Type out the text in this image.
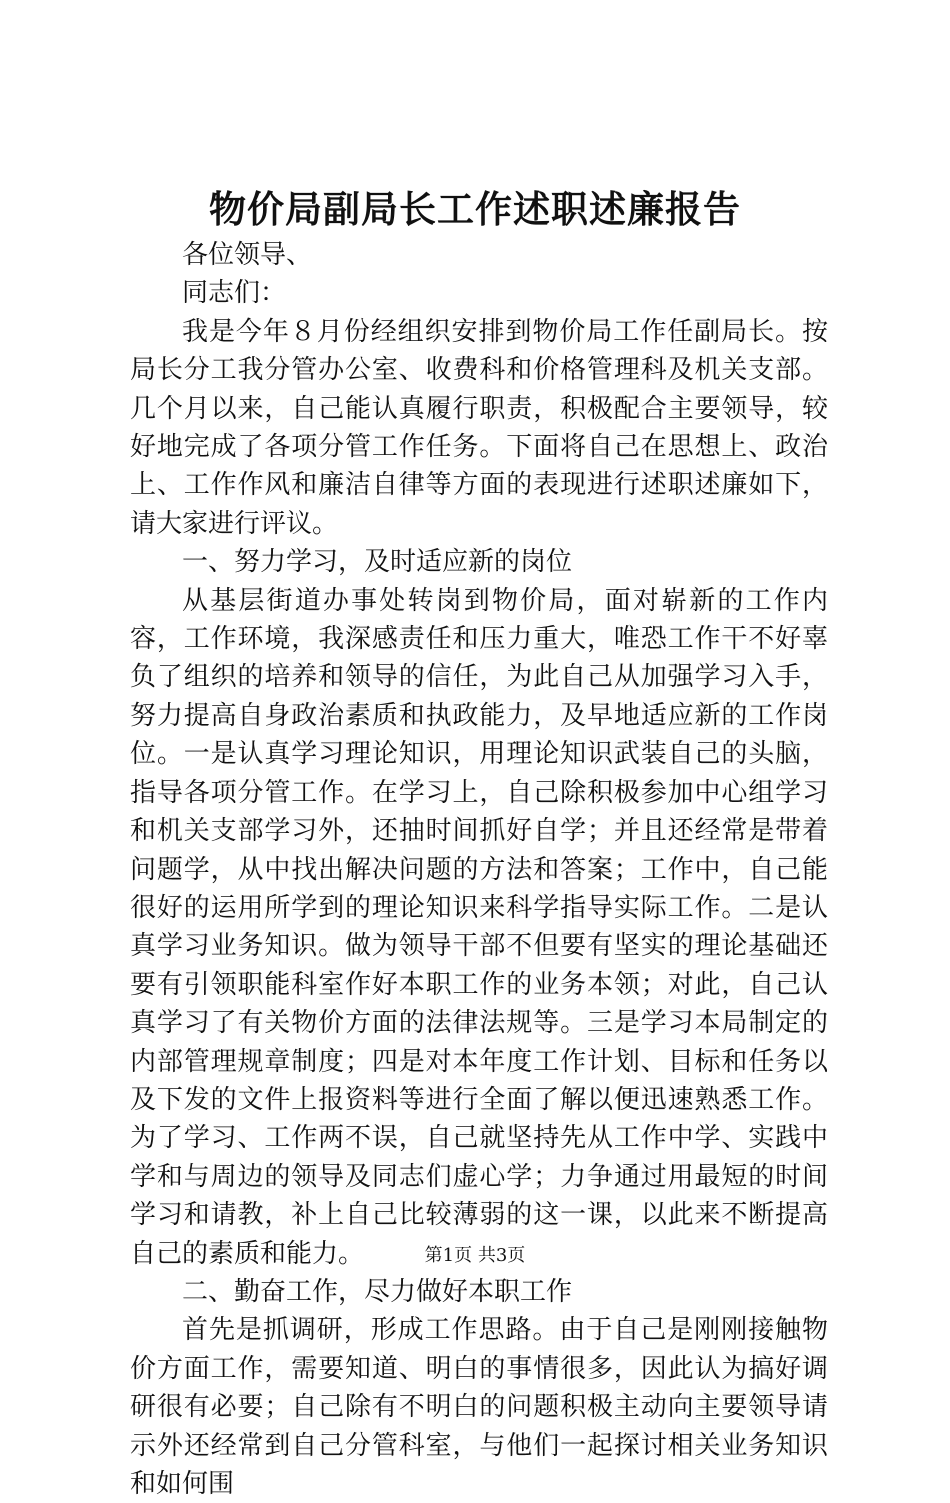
物价局副局长工作述职述廉报告

各位领导、

同志们：

我是今年８月份经组织安排到物价局工作任副局长。按局长分工我分管办公室、收费科和价格管理科及机关支部。几个月以来，自己能认真履行职责，积极配合主要领导，较好地完成了各项分管工作任务。下面将自己在思想上、政治上、工作作风和廉洁自律等方面的表现进行述职述廉如下，请大家进行评议。

一、努力学习，及时适应新的岗位

从基层街道办事处转岗到物价局，面对崭新的工作内容，工作环境，我深感责任和压力重大，唯恐工作干不好辜负了组织的培养和领导的信任，为此自己从加强学习入手，努力提高自身政治素质和执政能力，及早地适应新的工作岗位。一是认真学习理论知识，用理论知识武装自己的头脑，指导各项分管工作。在学习上，自己除积极参加中心组学习和机关支部学习外，还抽时间抓好自学；并且还经常是带着问题学，从中找出解决问题的方法和答案；工作中，自己能很好的运用所学到的理论知识来科学指导实际工作。二是认真学习业务知识。做为领导干部不但要有坚实的理论基础还要有引领职能科室作好本职工作的业务本领；对此，自己认真学习了有关物价方面的法律法规等。三是学习本局制定的内部管理规章制度；四是对本年度工作计划、目标和任务以及下发的文件上报资料等进行全面了解以便迅速熟悉工作。为了学习、工作两不误，自己就坚持先从工作中学、实践中学和与周边的领导及同志们虚心学；力争通过用最短的时间学习和请教，补上自己比较薄弱的这一课，以此来不断提高自己的素质和能力。

二、勤奋工作，尽力做好本职工作

首先是抓调研，形成工作思路。由于自己是刚刚接触物价方面工作，需要知道、明白的事情很多，因此认为搞好调研很有必要；自己除有不明白的问题积极主动向主要领导请示外还经常到自己分管科室，与他们一起探讨相关业务知识和如何围

第1页 共3页
